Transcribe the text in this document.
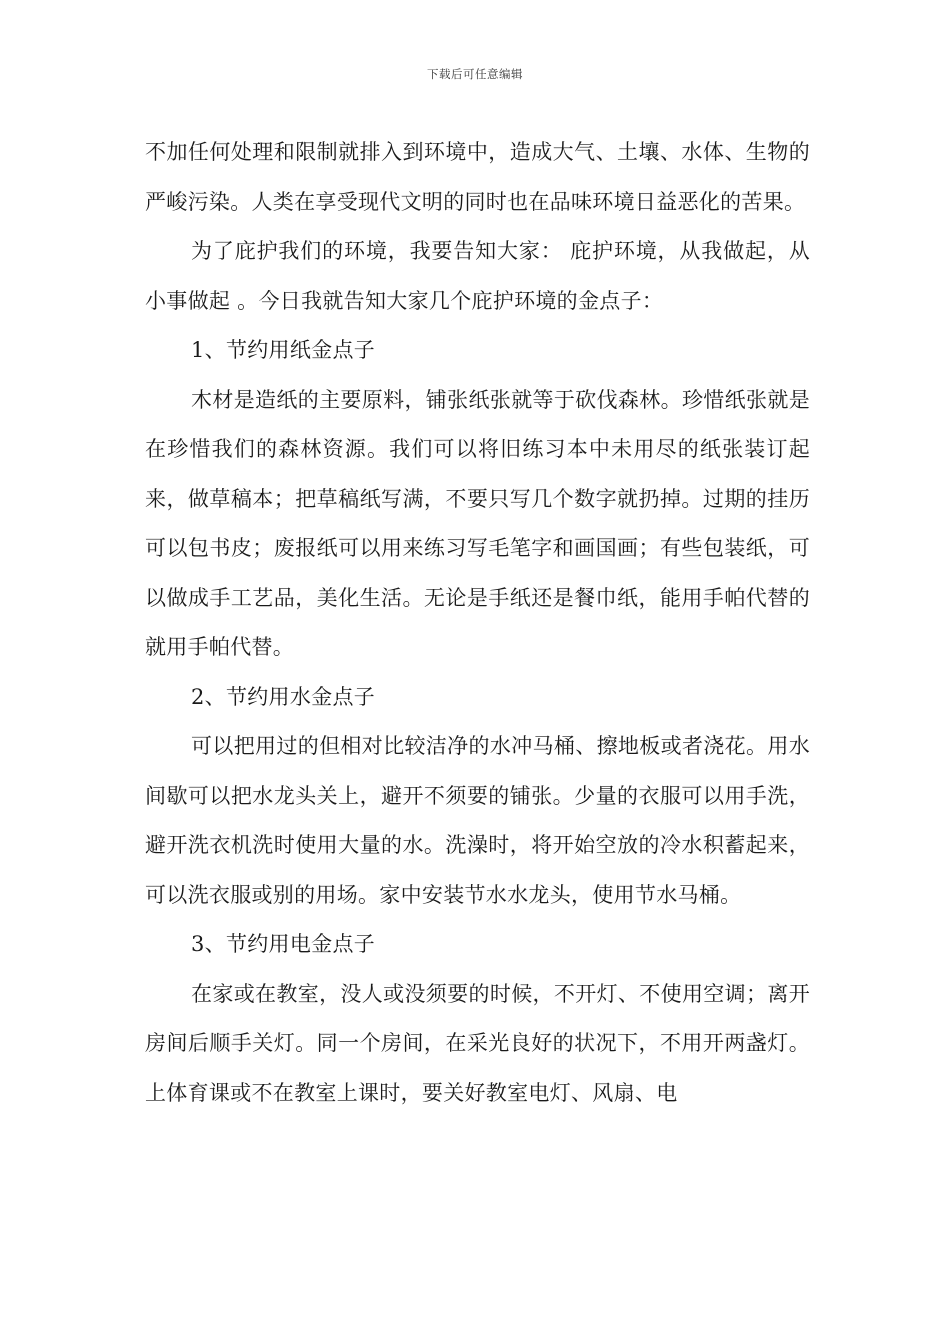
下载后可任意编辑

不加任何处理和限制就排入到环境中，造成大气、土壤、水体、生物的严峻污染。人类在享受现代文明的同时也在品味环境日益恶化的苦果。

为了庇护我们的环境，我要告知大家： 庇护环境，从我做起，从小事做起 。今日我就告知大家几个庇护环境的金点子：

1、节约用纸金点子

木材是造纸的主要原料，铺张纸张就等于砍伐森林。珍惜纸张就是在珍惜我们的森林资源。我们可以将旧练习本中未用尽的纸张装订起来，做草稿本；把草稿纸写满，不要只写几个数字就扔掉。过期的挂历可以包书皮；废报纸可以用来练习写毛笔字和画国画；有些包装纸，可以做成手工艺品，美化生活。无论是手纸还是餐巾纸，能用手帕代替的就用手帕代替。

2、节约用水金点子

可以把用过的但相对比较洁净的水冲马桶、擦地板或者浇花。用水间歇可以把水龙头关上，避开不须要的铺张。少量的衣服可以用手洗，避开洗衣机洗时使用大量的水。洗澡时，将开始空放的冷水积蓄起来，可以洗衣服或别的用场。家中安装节水水龙头，使用节水马桶。

3、节约用电金点子

在家或在教室，没人或没须要的时候，不开灯、不使用空调；离开房间后顺手关灯。同一个房间，在采光良好的状况下，不用开两盏灯。上体育课或不在教室上课时，要关好教室电灯、风扇、电
